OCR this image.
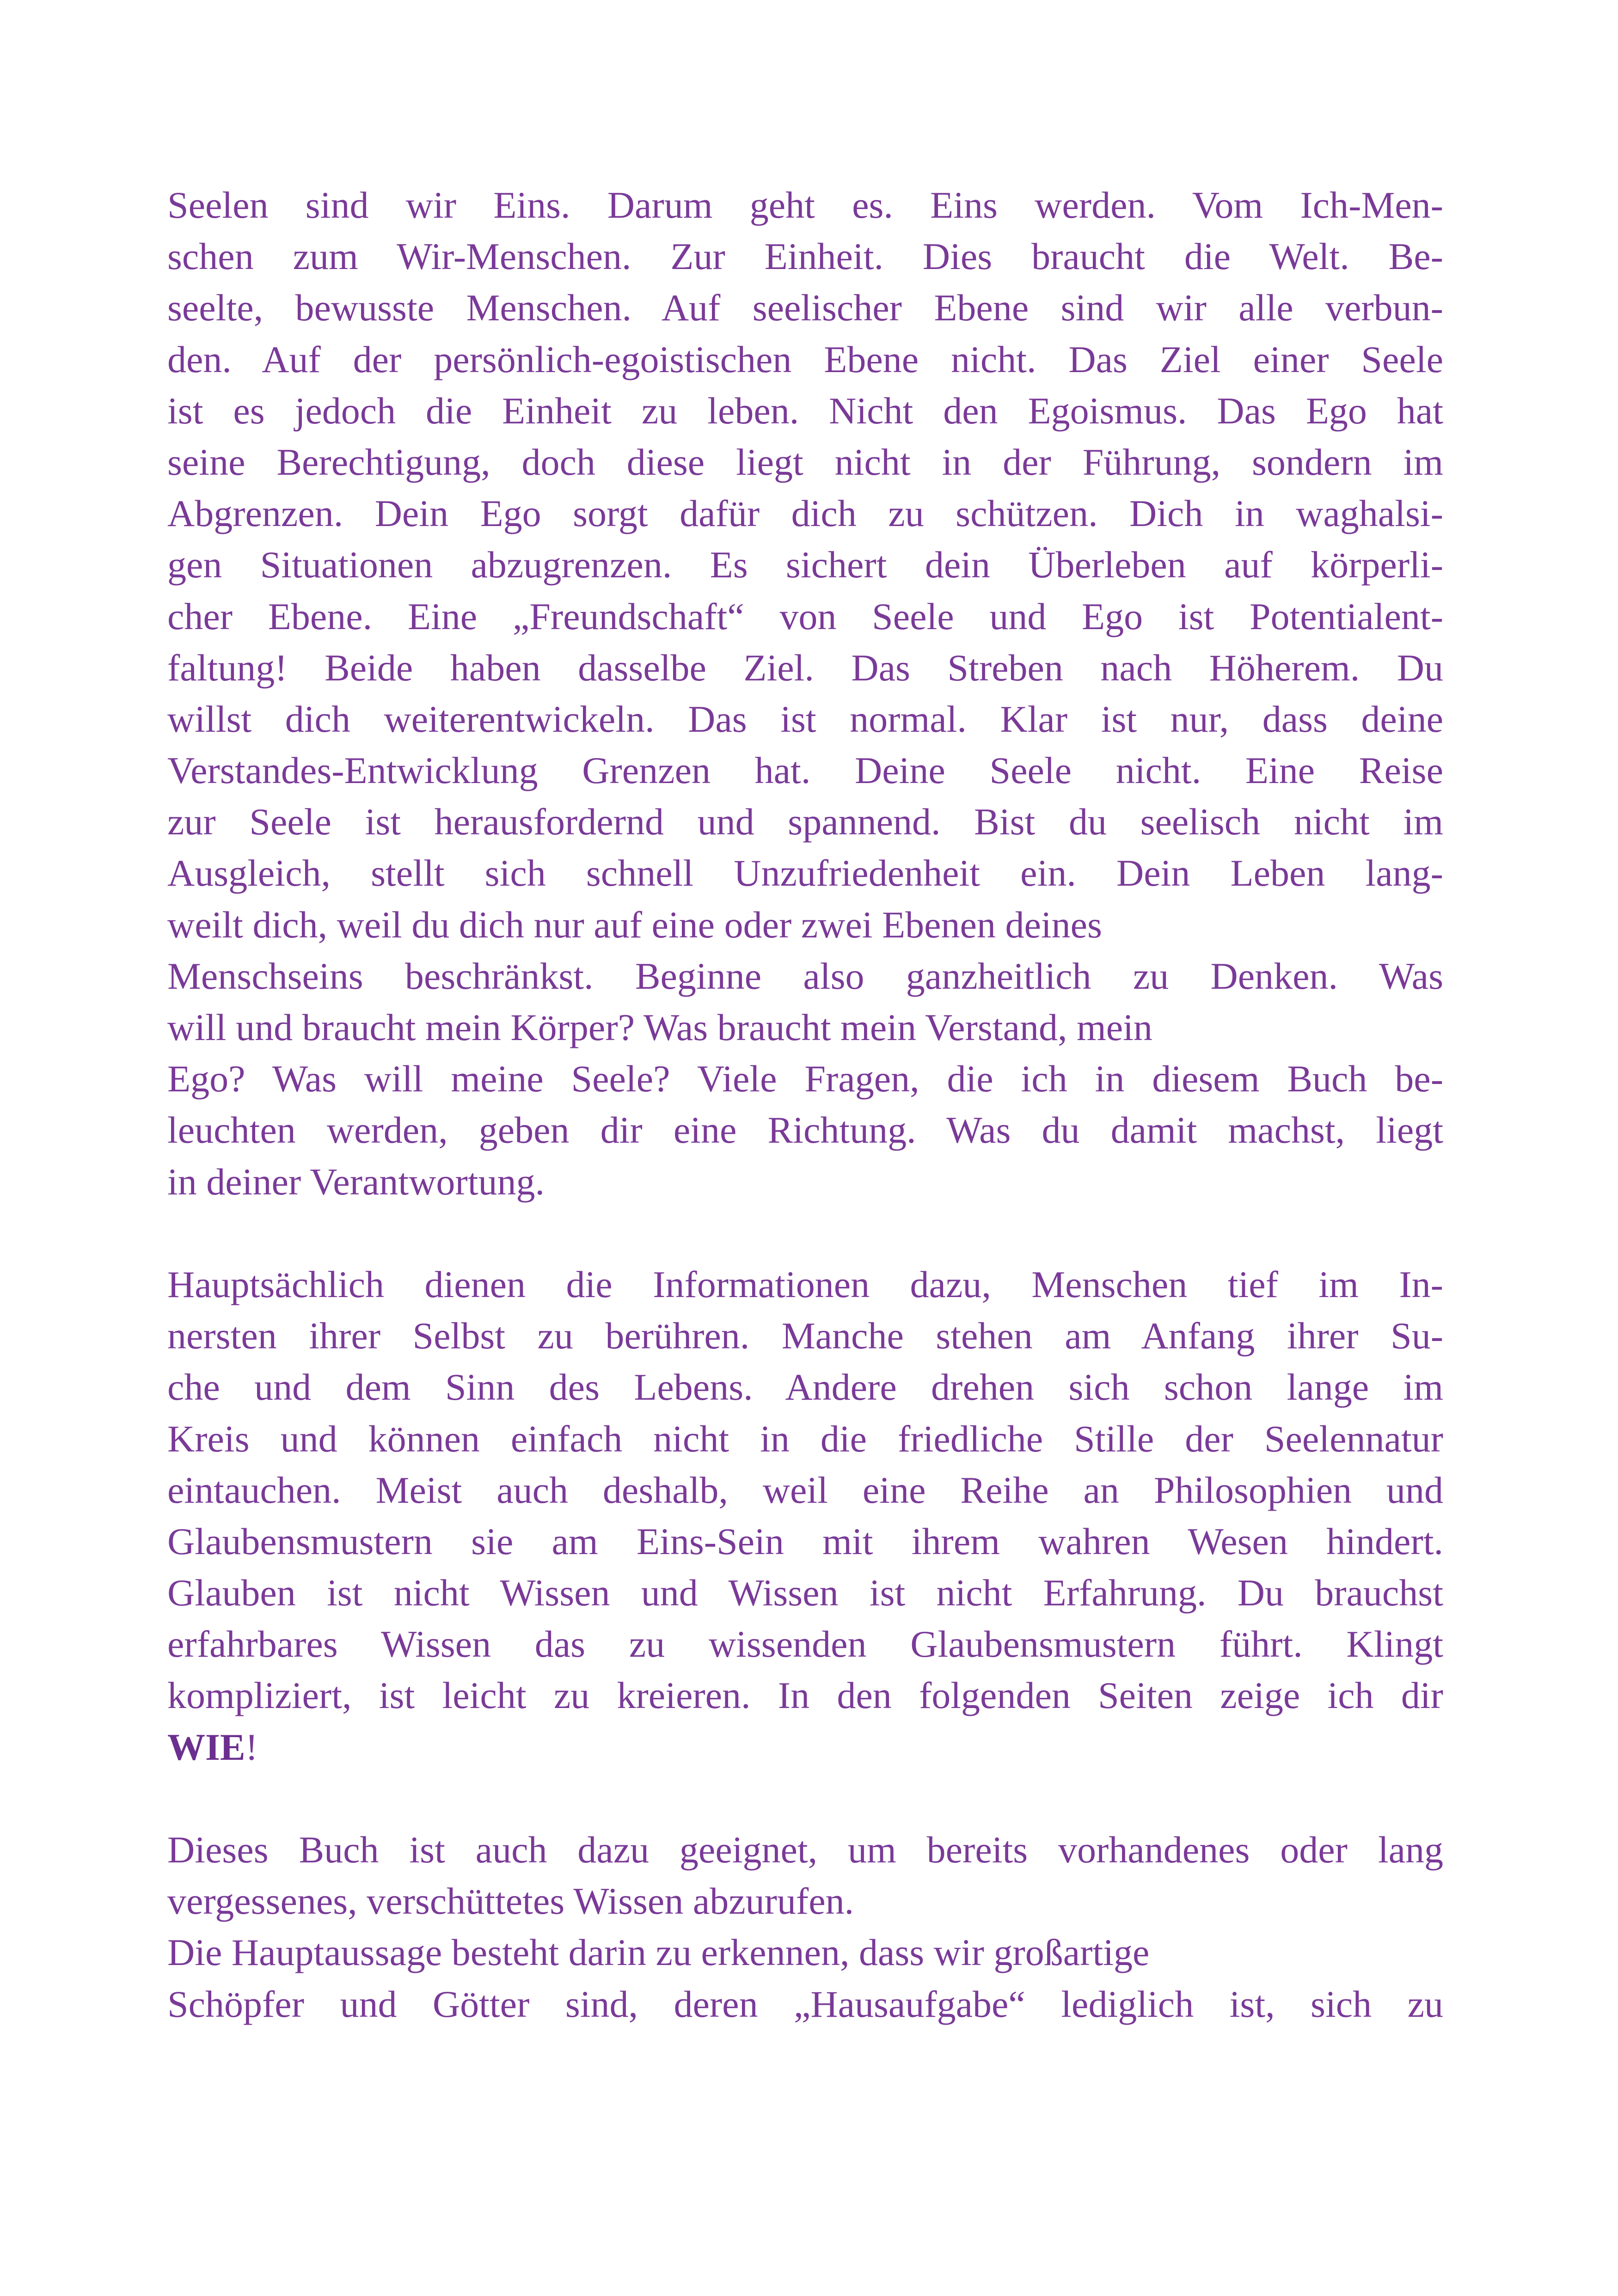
Seelen sind wir Eins. Darum geht es. Eins werden. Vom Ich-Men-
schen zum Wir-Menschen. Zur Einheit. Dies braucht die Welt. Be-
seelte, bewusste Menschen. Auf seelischer Ebene sind wir alle verbun-
den. Auf der persönlich-egoistischen Ebene nicht. Das Ziel einer Seele
ist es jedoch die Einheit zu leben. Nicht den Egoismus. Das Ego hat
seine Berechtigung, doch diese liegt nicht in der Führung, sondern im
Abgrenzen. Dein Ego sorgt dafür dich zu schützen. Dich in waghalsi-
gen Situationen abzugrenzen. Es sichert dein Überleben auf körperli-
cher Ebene. Eine „Freundschaft“ von Seele und Ego ist Potentialent-
faltung! Beide haben dasselbe Ziel. Das Streben nach Höherem. Du
willst dich weiterentwickeln. Das ist normal. Klar ist nur, dass deine
Verstandes-Entwicklung Grenzen hat. Deine Seele nicht. Eine Reise
zur Seele ist herausfordernd und spannend. Bist du seelisch nicht im
Ausgleich, stellt sich schnell Unzufriedenheit ein. Dein Leben lang-
weilt dich, weil du dich nur auf eine oder zwei Ebenen deines
Menschseins beschränkst. Beginne also ganzheitlich zu Denken. Was
will und braucht mein Körper? Was braucht mein Verstand, mein
Ego? Was will meine Seele? Viele Fragen, die ich in diesem Buch be-
leuchten werden, geben dir eine Richtung. Was du damit machst, liegt
in deiner Verantwortung.
Hauptsächlich dienen die Informationen dazu, Menschen tief im In-
nersten ihrer Selbst zu berühren. Manche stehen am Anfang ihrer Su-
che und dem Sinn des Lebens. Andere drehen sich schon lange im
Kreis und können einfach nicht in die friedliche Stille der Seelennatur
eintauchen. Meist auch deshalb, weil eine Reihe an Philosophien und
Glaubensmustern sie am Eins-Sein mit ihrem wahren Wesen hindert.
Glauben ist nicht Wissen und Wissen ist nicht Erfahrung. Du brauchst
erfahrbares Wissen das zu wissenden Glaubensmustern führt. Klingt
kompliziert, ist leicht zu kreieren. In den folgenden Seiten zeige ich dir
WIE!
Dieses Buch ist auch dazu geeignet, um bereits vorhandenes oder lang
vergessenes, verschüttetes Wissen abzurufen.
Die Hauptaussage besteht darin zu erkennen, dass wir großartige
Schöpfer und Götter sind, deren „Hausaufgabe“ lediglich ist, sich zu
